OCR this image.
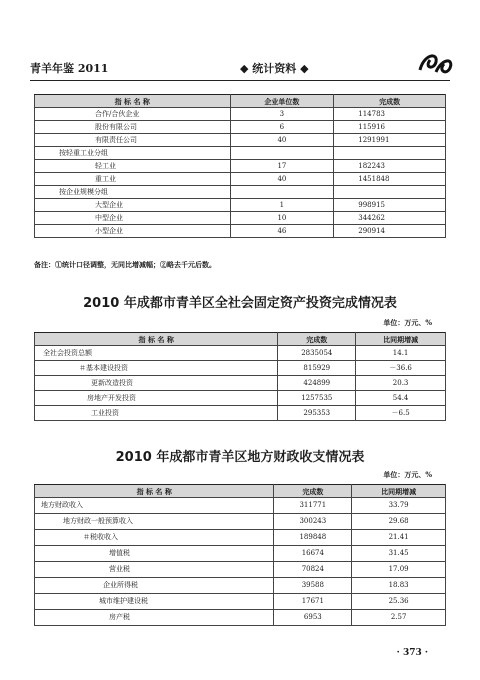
青羊年鉴 2011	◆ 统计资料 ◆
指 标 名 称	企业单位数	完成数
合作/合伙企业	3	114783
股份有限公司	6	115916
有限责任公司	40	1291991
按轻重工业分组		
轻工业	17	182243
重工业	40	1451848
按企业规模分组		
大型企业	1	998915
中型企业	10	344262
小型企业	46	290914
备注：①统计口径调整，无同比增减幅；②略去千元后数。
2010 年成都市青羊区全社会固定资产投资完成情况表
单位：万元、%
指 标 名 称	完成数	比同期增减
全社会投资总额	2835054	14.1
＃基本建设投资	815929	－36.6
更新改造投资	424899	20.3
房地产开发投资	1257535	54.4
工业投资	295353	－6.5
2010 年成都市青羊区地方财政收支情况表
单位：万元、%
指 标 名 称	完成数	比同期增减
地方财政收入	311771	33.79
地方财政一般预算收入	300243	29.68
＃税收收入	189848	21.41
增值税	16674	31.45
营业税	70824	17.09
企业所得税	39588	18.83
城市维护建设税	17671	25.36
房产税	6953	2.57
· 373 ·
